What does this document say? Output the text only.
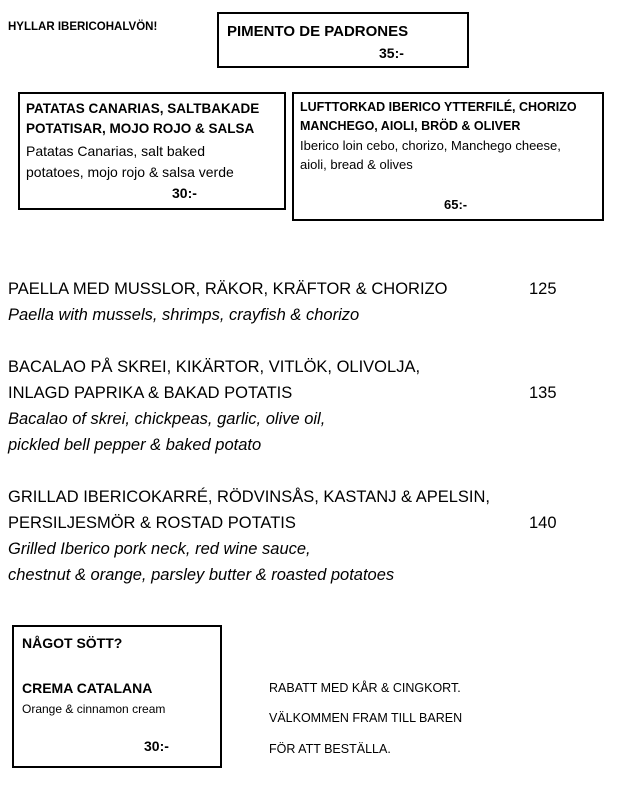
HYLLAR IBERICOHALVÖN!	PIMENTO DE PADRONES
35:-
PATATAS CANARIAS, SALTBAKADE
POTATISAR, MOJO ROJO & SALSA
Patatas Canarias, salt baked
potatoes, mojo rojo & salsa verde
30:-
LUFTTORKAD IBERICO YTTERFILÉ, CHORIZO
MANCHEGO, AIOLI, BRÖD & OLIVER
Iberico loin cebo, chorizo, Manchego cheese,
aioli, bread & olives
65:-
PAELLA MED MUSSLOR, RÄKOR, KRÄFTOR & CHORIZO	125
Paella with mussels, shrimps, crayfish & chorizo
BACALAO PÅ SKREI, KIKÄRTOR, VITLÖK, OLIVOLJA,
INLAGD PAPRIKA & BAKAD POTATIS	135
Bacalao of skrei, chickpeas, garlic, olive oil,
pickled bell pepper & baked potato
GRILLAD IBERICOKARRÉ, RÖDVINSÅS, KASTANJ & APELSIN,
PERSILJESMÖR & ROSTAD POTATIS	140
Grilled Iberico pork neck, red wine sauce,
chestnut & orange, parsley butter & roasted potatoes
NÅGOT SÖTT?
CREMA CATALANA
Orange & cinnamon cream
30:-
RABATT MED KÅR & CINGKORT.
VÄLKOMMEN FRAM TILL BAREN
FÖR ATT BESTÄLLA.
